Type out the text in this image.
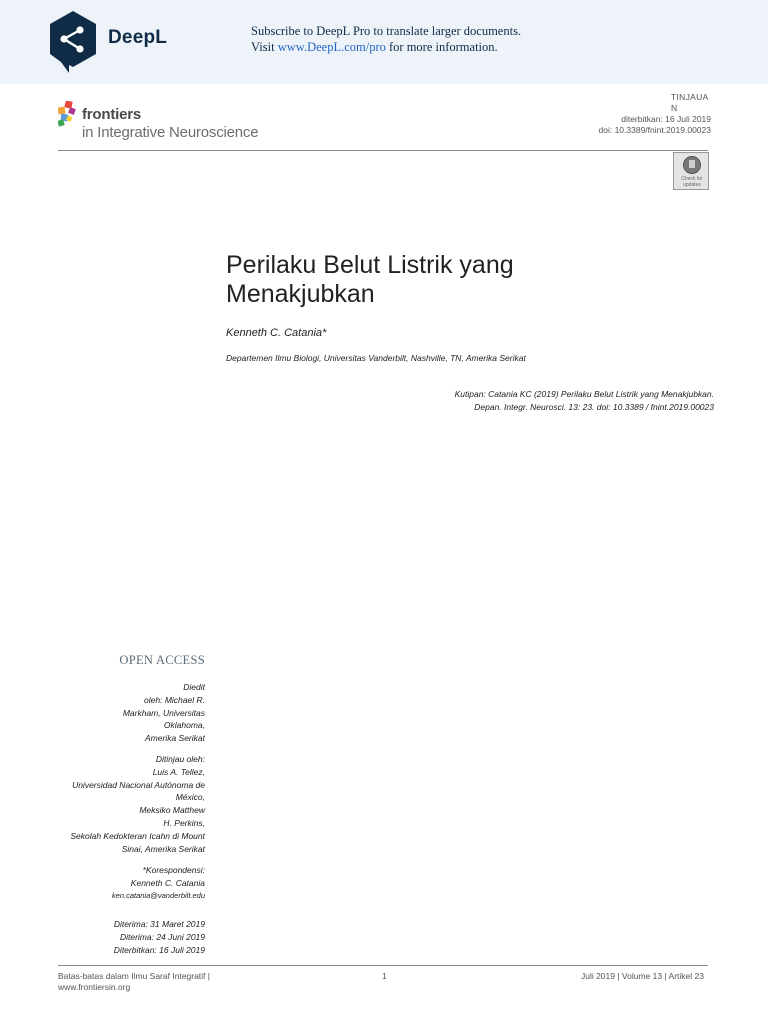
DeepL	Subscribe to DeepL Pro to translate larger documents.
Visit www.DeepL.com/pro for more information.
frontiers
in Integrative Neuroscience
TINJAUA
N
diterbitkan: 16 Juli 2019
doi: 10.3389/fnint.2019.00023
Check for
updates
Perilaku Belut Listrik yang
Menakjubkan
Kenneth C. Catania*
Departemen Ilmu Biologi, Universitas Vanderbilt, Nashville, TN, Amerika Serikat
Kutipan: Catania KC (2019) Perilaku Belut Listrik yang Menakjubkan.
Depan. Integr. Neurosci. 13: 23. doi: 10.3389 / fnint.2019.00023
OPEN ACCESS
Diedit
oleh: Michael R.
Markham, Universitas
Oklahoma,
Amerika Serikat
Ditinjau oleh:
Luis A. Tellez,
Universidad Nacional Autónoma de
México,
Meksiko Matthew
H. Perkins,
Sekolah Kedokteran Icahn di Mount
Sinai, Amerika Serikat
*Korespondensi:
Kenneth C. Catania
ken.catania@vanderbilt.edu
Diterima: 31 Maret 2019
Diterima: 24 Juni 2019
Diterbitkan: 16 Juli 2019
Batas-batas dalam Ilmu Saraf Integratif |
www.frontiersin.org
1	Juli 2019 | Volume 13 | Artikel 23
